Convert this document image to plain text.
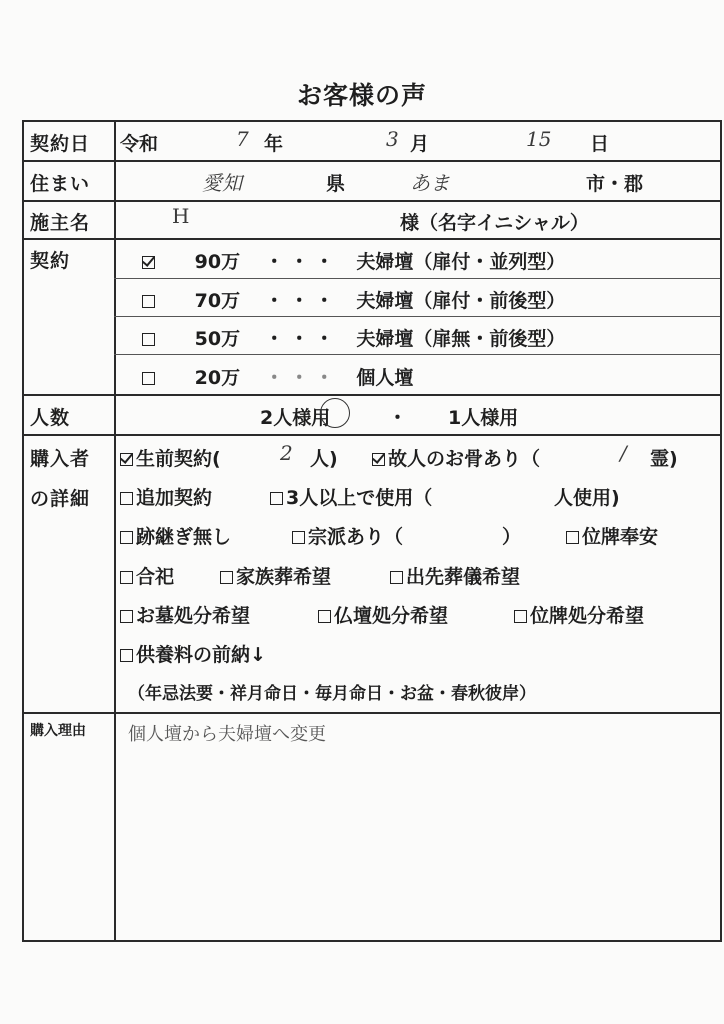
お客様の声
契約日 令和	7 年	3 月	15 日
住まい	愛知	県	あま	市・郡
施主名	H	様（名字イニシャル）
契約	90万 ・・・ 夫婦壇（扉付・並列型）
70万 ・・・ 夫婦壇（扉付・前後型）
50万 ・・・ 夫婦壇（扉無・前後型）
20万 ・・・ 個人壇
人数	2人様用	・ 1人様用
購入者
の詳細
生前契約(	2 人)	故人のお骨あり（	/ 霊)
追加契約	3人以上で使用（	人使用)
跡継ぎ無し	宗派あり（	）	位牌奉安
合祀	家族葬希望	出先葬儀希望
お墓処分希望	仏壇処分希望	位牌処分希望
供養料の前納↓
（年忌法要・祥月命日・毎月命日・お盆・春秋彼岸）
購入理由 個人壇から夫婦壇へ変更
